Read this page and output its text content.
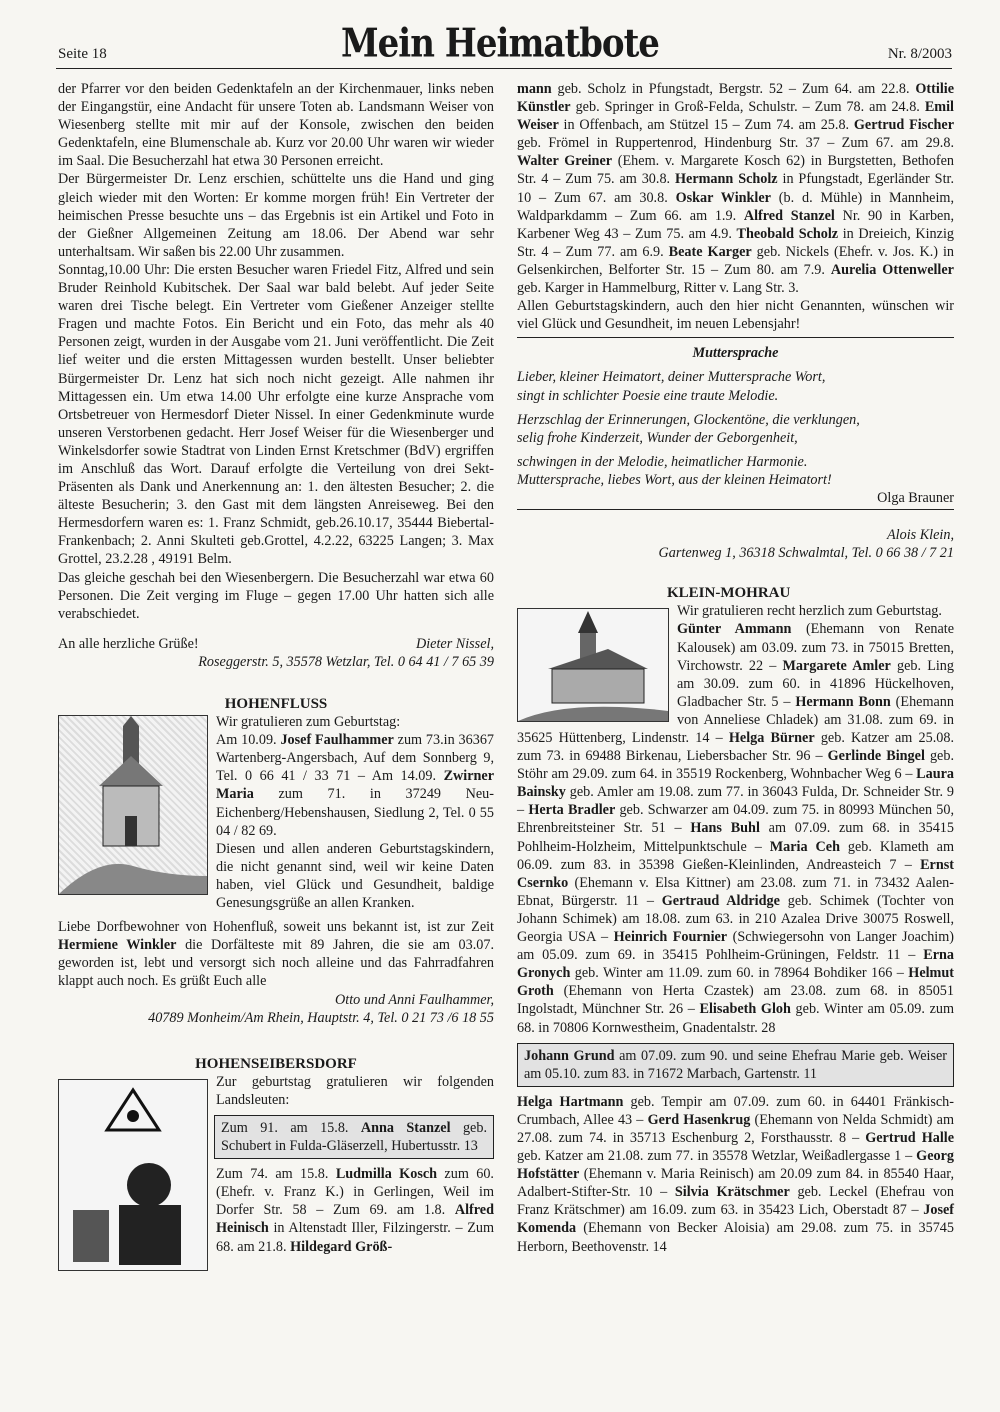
Seite 18	Mein Heimatbote	Nr. 8/2003

der Pfarrer vor den beiden Gedenktafeln an der Kirchenmauer, links neben der Eingangstür, eine Andacht für unsere Toten ab. Landsmann Weiser von Wiesenberg stellte mit mir auf der Konsole, zwischen den beiden Gedenktafeln, eine Blumenschale ab. Kurz vor 20.00 Uhr waren wir wieder im Saal. Die Besucherzahl hat etwa 30 Personen erreicht.

Der Bürgermeister Dr. Lenz erschien, schüttelte uns die Hand und ging gleich wieder mit den Worten: Er komme morgen früh! Ein Vertreter der heimischen Presse besuchte uns – das Ergebnis ist ein Artikel und Foto in der Gießner Allgemeinen Zeitung am 18.06. Der Abend war sehr unterhaltsam. Wir saßen bis 22.00 Uhr zusammen.

Sonntag,10.00 Uhr: Die ersten Besucher waren Friedel Fitz, Alfred und sein Bruder Reinhold Kubitschek. Der Saal war bald belebt. Auf jeder Seite waren drei Tische belegt. Ein Vertreter vom Gießener Anzeiger stellte Fragen und machte Fotos. Ein Bericht und ein Foto, das mehr als 40 Personen zeigt, wurden in der Ausgabe vom 21. Juni veröffentlicht. Die Zeit lief weiter und die ersten Mittagessen wurden bestellt. Unser beliebter Bürgermeister Dr. Lenz hat sich noch nicht gezeigt. Alle nahmen ihr Mittagessen ein. Um etwa 14.00 Uhr erfolgte eine kurze Ansprache vom Ortsbetreuer von Hermesdorf Dieter Nissel. In einer Gedenkminute wurde unseren Verstorbenen gedacht. Herr Josef Weiser für die Wiesenberger und Winkelsdorfer sowie Stadtrat von Linden Ernst Kretschmer (BdV) ergriffen im Anschluß das Wort. Darauf erfolgte die Verteilung von drei Sekt-Präsenten als Dank und Anerkennung an: 1. den ältesten Besucher; 2. die älteste Besucherin; 3. den Gast mit dem längsten Anreiseweg. Bei den Hermesdorfern waren es: 1. Franz Schmidt, geb.26.10.17, 35444 Biebertal-Frankenbach; 2. Anni Skulteti geb.Grottel, 4.2.22, 63225 Langen; 3. Max Grottel, 23.2.28 , 49191 Belm.

Das gleiche geschah bei den Wiesenbergern. Die Besucherzahl war etwa 60 Personen. Die Zeit verging im Fluge – gegen 17.00 Uhr hatten sich alle verabschiedet.

An alle herzliche Grüße!	Dieter Nissel,

Roseggerstr. 5, 35578 Wetzlar, Tel. 0 64 41 / 7 65 39

HOHENFLUSS

Wir gratulieren zum Geburtstag:

Am 10.09. Josef Faulhammer zum 73.in 36367 Wartenberg-Angersbach, Auf dem Sonnberg 9, Tel. 0 66 41 / 33 71 – Am 14.09. Zwirner Maria zum 71. in 37249 Neu-Eichenberg/Hebenshausen, Siedlung 2, Tel. 0 55 04 / 82 69.

Diesen und allen anderen Geburtstagskindern, die nicht genannt sind, weil wir keine Daten haben, viel Glück und Gesundheit, baldige Genesungsgrüße an allen Kranken.

Liebe Dorfbewohner von Hohenfluß, soweit uns bekannt ist, ist zur Zeit Hermiene Winkler die Dorfälteste mit 89 Jahren, die sie am 03.07. geworden ist, lebt und versorgt sich noch alleine und das Fahrradfahren klappt auch noch. Es grüßt Euch alle

Otto und Anni Faulhammer,

40789 Monheim/Am Rhein, Hauptstr. 4, Tel. 0 21 73 /6 18 55

HOHENSEIBERSDORF

Zur geburtstag gratulieren wir folgenden Landsleuten:

Zum 91. am 15.8. Anna Stanzel geb. Schubert in Fulda-Gläserzell, Hubertusstr. 13

Zum 74. am 15.8. Ludmilla Kosch zum 60. (Ehefr. v. Franz K.) in Gerlingen, Weil im Dorfer Str. 58 – Zum 69. am 1.8. Alfred Heinisch in Altenstadt Iller, Filzingerstr. – Zum 68. am 21.8. Hildegard Größ-

mann geb. Scholz in Pfungstadt, Bergstr. 52 – Zum 64. am 22.8. Ottilie Künstler geb. Springer in Groß-Felda, Schulstr. – Zum 78. am 24.8. Emil Weiser in Offenbach, am Stützel 15 – Zum 74. am 25.8. Gertrud Fischer geb. Frömel in Ruppertenrod, Hindenburg Str. 37 – Zum 67. am 29.8. Walter Greiner (Ehem. v. Margarete Kosch 62) in Burgstetten, Bethofen Str. 4 – Zum 75. am 30.8. Hermann Scholz in Pfungstadt, Egerländer Str. 10 – Zum 67. am 30.8. Oskar Winkler (b. d. Mühle) in Mannheim, Waldparkdamm – Zum 66. am 1.9. Alfred Stanzel Nr. 90 in Karben, Karbener Weg 43 – Zum 75. am 4.9. Theobald Scholz in Dreieich, Kinzig Str. 4 – Zum 77. am 6.9. Beate Karger geb. Nickels (Ehefr. v. Jos. K.) in Gelsenkirchen, Belforter Str. 15 – Zum 80. am 7.9. Aurelia Ottenweller geb. Karger in Hammelburg, Ritter v. Lang Str. 3.

Allen Geburtstagskindern, auch den hier nicht Genannten, wünschen wir viel Glück und Gesundheit, im neuen Lebensjahr!

Muttersprache

Lieber, kleiner Heimatort, deiner Muttersprache Wort,

singt in schlichter Poesie eine traute Melodie.

Herzschlag der Erinnerungen, Glockentöne, die verklungen,

selig frohe Kinderzeit, Wunder der Geborgenheit,

schwingen in der Melodie, heimatlicher Harmonie.

Muttersprache, liebes Wort, aus der kleinen Heimatort!

Olga Brauner

Alois Klein,

Gartenweg 1, 36318 Schwalmtal, Tel. 0 66 38 / 7 21

KLEIN-MOHRAU

Wir gratulieren recht herzlich zum Geburtstag.

Günter Ammann (Ehemann von Renate Kalousek) am 03.09. zum 73. in 75015 Bretten, Virchowstr. 22 – Margarete Amler geb. Ling am 30.09. zum 60. in 41896 Hückelhoven, Gladbacher Str. 5 – Hermann Bonn (Ehemann von Anneliese Chladek) am 31.08. zum 69. in 35625 Hüttenberg, Lindenstr. 14 – Helga Bürner geb. Katzer am 25.08. zum 73. in 69488 Birkenau, Liebersbacher Str. 96 – Gerlinde Bingel geb. Stöhr am 29.09. zum 64. in 35519 Rockenberg, Wohnbacher Weg 6 – Laura Bainsky geb. Amler am 19.08. zum 77. in 36043 Fulda, Dr. Schneider Str. 9 – Herta Bradler geb. Schwarzer am 04.09. zum 75. in 80993 München 50, Ehrenbreitsteiner Str. 51 – Hans Buhl am 07.09. zum 68. in 35415 Pohlheim-Holzheim, Mittelpunktschule – Maria Ceh geb. Klameth am 06.09. zum 83. in 35398 Gießen-Kleinlinden, Andreasteich 7 – Ernst Csernko (Ehemann v. Elsa Kittner) am 23.08. zum 71. in 73432 Aalen-Ebnat, Bürgerstr. 11 – Gertraud Aldridge geb. Schimek (Tochter von Johann Schimek) am 18.08. zum 63. in 210 Azalea Drive 30075 Roswell, Georgia USA – Heinrich Fournier (Schwiegersohn von Langer Joachim) am 05.09. zum 69. in 35415 Pohlheim-Grüningen, Feldstr. 11 – Erna Gronych geb. Winter am 11.09. zum 60. in 78964 Bohdiker 166 – Helmut Groth (Ehemann von Herta Czastek) am 23.08. zum 68. in 85051 Ingolstadt, Münchner Str. 26 – Elisabeth Gloh geb. Winter am 05.09. zum 68. in 70806 Kornwestheim, Gnadentalstr. 28

Johann Grund am 07.09. zum 90. und seine Ehefrau Marie geb. Weiser am 05.10. zum 83. in 71672 Marbach, Gartenstr. 11

Helga Hartmann geb. Tempir am 07.09. zum 60. in 64401 Fränkisch-Crumbach, Allee 43 – Gerd Hasenkrug (Ehemann von Nelda Schmidt) am 27.08. zum 74. in 35713 Eschenburg 2, Forsthausstr. 8 – Gertrud Halle geb. Katzer am 21.08. zum 77. in 35578 Wetzlar, Weißadlergasse 1 – Georg Hofstätter (Ehemann v. Maria Reinisch) am 20.09 zum 84. in 85540 Haar, Adalbert-Stifter-Str. 10 – Silvia Krätschmer geb. Leckel (Ehefrau von Franz Krätschmer) am 16.09. zum 63. in 35423 Lich, Oberstadt 87 – Josef Komenda (Ehemann von Becker Aloisia) am 29.08. zum 75. in 35745 Herborn, Beethovenstr. 14
